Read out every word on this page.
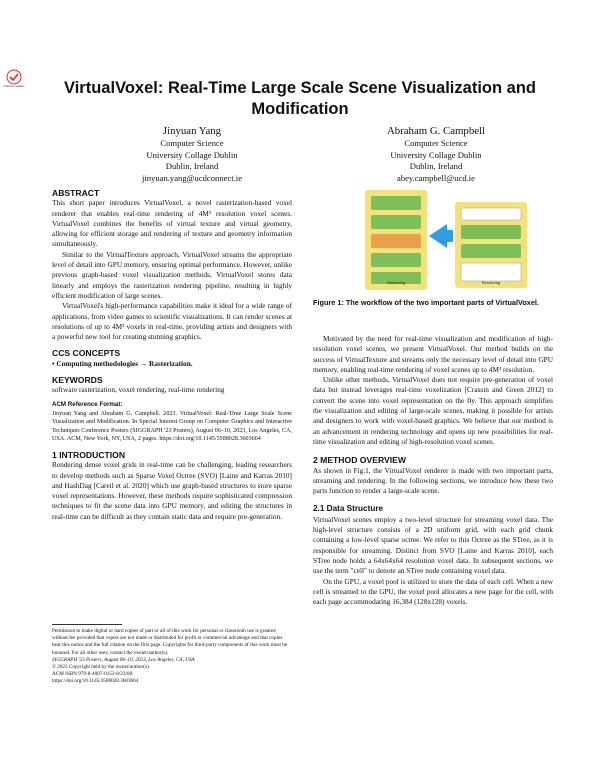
Check for updates	VirtualVoxel: Real-Time Large Scale Scene Visualization and Modification
Jinyuan Yang
Computer Science
University Collage Dublin
Dublin, Ireland
jinyuan.yang@ucdconnect.ie
Abraham G. Campbell
Computer Science
University Collage Dublin
Dublin, Ireland
abey.campbell@ucd.ie

ABSTRACT

This short paper introduces VirtualVoxel, a novel rasterization-based voxel renderer that enables real-time rendering of 4M³ resolution voxel scenes. VirtualVoxel combines the benefits of virtual texture and virtual geometry, allowing for efficient storage and rendering of texture and geometry information simultaneously.

Similar to the VirtualTexture approach, VirtualVoxel streams the appropriate level of detail into GPU memory, ensuring optimal performance. However, unlike previous graph-based voxel visualization methods, VirtualVoxel stores data linearly and employs the rasterization rendering pipeline, resulting in highly efficient modification of large scenes.

VirtualVoxel's high-performance capabilities make it ideal for a wide range of applications, from video games to scientific visualizations. It can render scenes at resolutions of up to 4M³ voxels in real-time, providing artists and designers with a powerful new tool for creating stunning graphics.

CCS CONCEPTS

• Computing methodologies → Rasterization.

KEYWORDS

software rasterization, voxel rendering, real-time rendering

ACM Reference Format:

Jinyuan Yang and Abraham G. Campbell. 2023. VirtualVoxel: Real-Time Large Scale Scene Visualization and Modification. In Special Interest Group on Computer Graphics and Interactive Techniques Conference Posters (SIGGRAPH '23 Posters), August 06–10, 2023, Los Angeles, CA, USA. ACM, New York, NY, USA, 2 pages. https://doi.org/10.1145/3588028.3603664

1 INTRODUCTION

Rendering dense voxel grids in real-time can be challenging, leading researchers to develop methods such as Sparse Voxel Octree (SVO) [Laine and Karras 2010] and HashDag [Careil et al. 2020] which use graph-based structures to store sparse voxel representations. However, these methods require sophisticated compression techniques to fit the scene data into GPU memory, and editing the structures in real-time can be difficult as they contain static data and require pre-generation.

Permission to make digital or hard copies of part or all of this work for personal or classroom use is granted without fee provided that copies are not made or distributed for profit or commercial advantage and that copies bear this notice and the full citation on the first page. Copyrights for third-party components of this work must be honored. For all other uses, contact the owner/author(s).

SIGGRAPH '23 Posters, August 06–10, 2023, Los Angeles, CA, USA

© 2023 Copyright held by the owner/author(s).

ACM ISBN 979-8-4007-0152-8/23/08.

https://doi.org/10.1145/3588028.3603664

Streaming	Rendering

Figure 1: The workflow of the two important parts of VirtualVoxel.

Motivated by the need for real-time visualization and modification of high-resolution voxel scenes, we present VirtualVoxel. Our method builds on the success of VirtualTexture and streams only the necessary level of detail into GPU memory, enabling real-time rendering of voxel scenes up to 4M³ resolution.

Unlike other methods, VirtualVoxel does not require pre-generation of voxel data but instead leverages real-time voxelization [Crassin and Green 2012] to convert the scene into voxel representation on the fly. This approach simplifies the visualization and editing of large-scale scenes, making it possible for artists and designers to work with voxel-based graphics. We believe that our method is an advancement in rendering technology and opens up new possibilities for real-time visualization and editing of high-resolution voxel scenes.

2 METHOD OVERVIEW

As shown in Fig.1, the VirtualVoxel renderer is made with two important parts, streaming and rendering. In the following sections, we introduce how these two parts function to render a large-scale scene.

2.1 Data Structure

VirtualVoxel scenes employ a two-level structure for streaming voxel data. The high-level structure consists of a 2D uniform grid, with each grid chunk containing a low-level sparse octree. We refer to this Octree as the STree, as it is responsible for streaming. Distinct from SVO [Laine and Karras 2010], each STree node holds a 64x64x64 resolution voxel data. In subsequent sections, we use the term "cell" to denote an STree node containing voxel data.

On the GPU, a voxel pool is utilized to store the data of each cell. When a new cell is streamed to the GPU, the voxel pool allocates a new page for the cell, with each page accommodating 16,384 (128x128) voxels.
